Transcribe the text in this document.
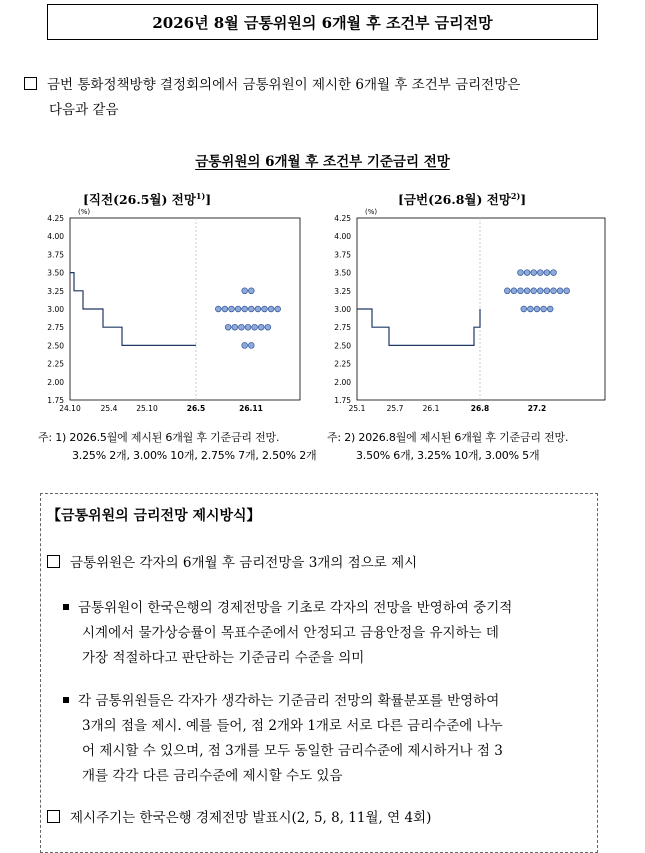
2026년 8월 금통위원의 6개월 후 조건부 금리전망
금번 통화정책방향 결정회의에서 금통위원이 제시한 6개월 후 조건부 금리전망은
다음과 같음
금통위원의 6개월 후 조건부 기준금리 전망
[직전(26.5월) 전망$^{1)}$]	[금번(26.8월) 전망$^{2)}$]
(%)
4.25
4.00
3.75
3.50
3.25
3.00
2.75
2.50
2.25
2.00
1.75
24.10	25.4	25.10	26.5	26.11
(%)
4.25
4.00
3.75
3.50
3.25
3.00
2.75
2.50
2.25
2.00
1.75
25.1	25.7	26.1	26.8	27.2
주: 1) 2026.5월에 제시된 6개월 후 기준금리 전망.
3.25% 2개, 3.00% 10개, 2.75% 7개, 2.50% 2개
주: 2) 2026.8월에 제시된 6개월 후 기준금리 전망.
3.50% 6개, 3.25% 10개, 3.00% 5개
【금통위원의 금리전망 제시방식】
금통위원은 각자의 6개월 후 금리전망을 3개의 점으로 제시
금통위원이 한국은행의 경제전망을 기초로 각자의 전망을 반영하여 중기적
시계에서 물가상승률이 목표수준에서 안정되고 금융안정을 유지하는 데
가장 적절하다고 판단하는 기준금리 수준을 의미
각 금통위원들은 각자가 생각하는 기준금리 전망의 확률분포를 반영하여
3개의 점을 제시. 예를 들어, 점 2개와 1개로 서로 다른 금리수준에 나누
어 제시할 수 있으며, 점 3개를 모두 동일한 금리수준에 제시하거나 점 3
개를 각각 다른 금리수준에 제시할 수도 있음
제시주기는 한국은행 경제전망 발표시(2, 5, 8, 11월, 연 4회)
